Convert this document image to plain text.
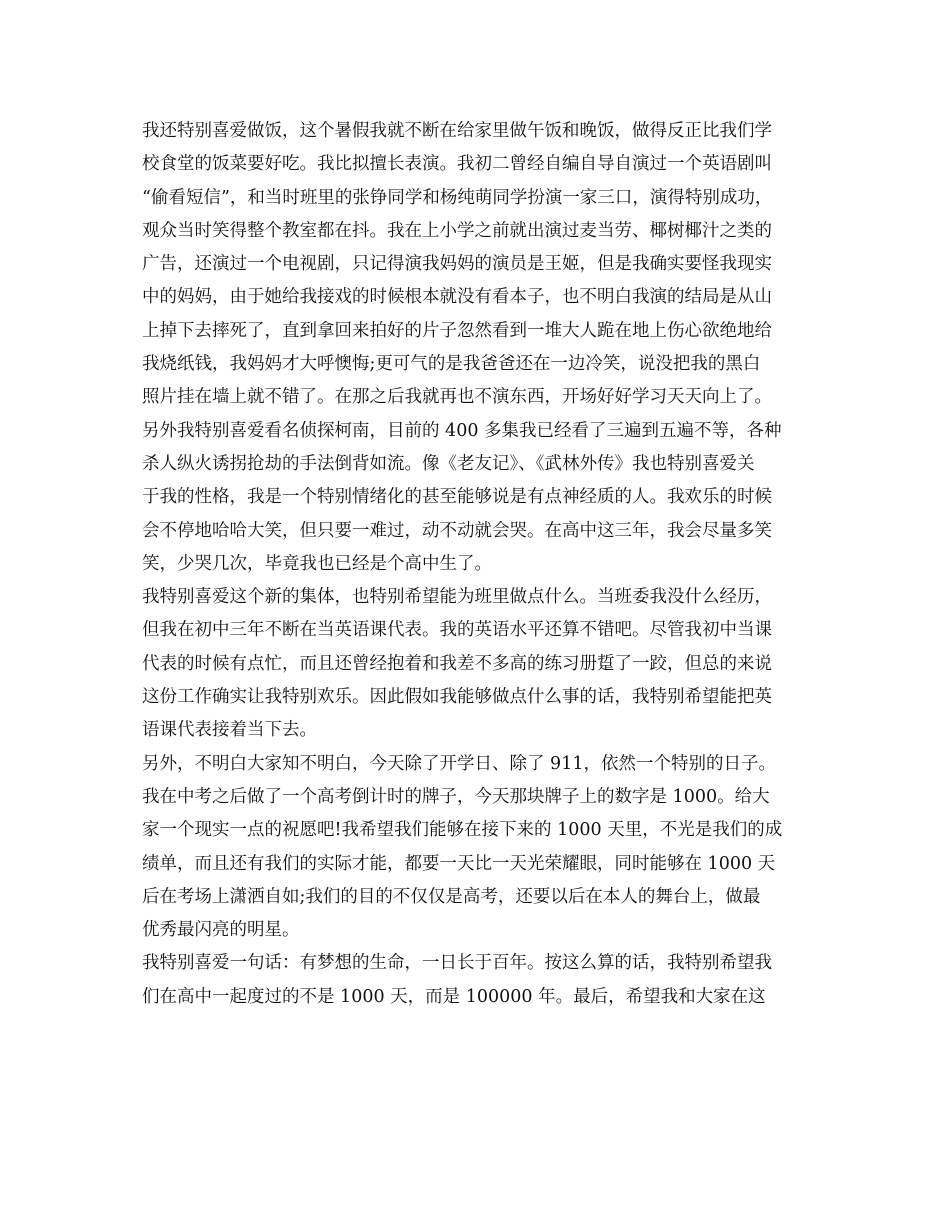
我还特别喜爱做饭，这个暑假我就不断在给家里做午饭和晚饭，做得反正比我们学
校食堂的饭菜要好吃。我比拟擅长表演。我初二曾经自编自导自演过一个英语剧叫
“偷看短信”，和当时班里的张铮同学和杨纯萌同学扮演一家三口，演得特别成功，
观众当时笑得整个教室都在抖。我在上小学之前就出演过麦当劳、椰树椰汁之类的
广告，还演过一个电视剧，只记得演我妈妈的演员是王姬，但是我确实要怪我现实
中的妈妈，由于她给我接戏的时候根本就没有看本子，也不明白我演的结局是从山
上掉下去摔死了，直到拿回来拍好的片子忽然看到一堆大人跪在地上伤心欲绝地给
我烧纸钱，我妈妈才大呼懊悔;更可气的是我爸爸还在一边冷笑，说没把我的黑白
照片挂在墙上就不错了。在那之后我就再也不演东西，开场好好学习天天向上了。
另外我特别喜爱看名侦探柯南，目前的 400 多集我已经看了三遍到五遍不等，各种
杀人纵火诱拐抢劫的手法倒背如流。像《老友记》、《武林外传》我也特别喜爱关
于我的性格，我是一个特别情绪化的甚至能够说是有点神经质的人。我欢乐的时候
会不停地哈哈大笑，但只要一难过，动不动就会哭。在高中这三年，我会尽量多笑
笑，少哭几次，毕竟我也已经是个高中生了。
我特别喜爱这个新的集体，也特别希望能为班里做点什么。当班委我没什么经历，
但我在初中三年不断在当英语课代表。我的英语水平还算不错吧。尽管我初中当课
代表的时候有点忙，而且还曾经抱着和我差不多高的练习册踅了一跤，但总的来说
这份工作确实让我特别欢乐。因此假如我能够做点什么事的话，我特别希望能把英
语课代表接着当下去。
另外，不明白大家知不明白，今天除了开学日、除了 911，依然一个特别的日子。
我在中考之后做了一个高考倒计时的牌子，今天那块牌子上的数字是 1000。给大
家一个现实一点的祝愿吧!我希望我们能够在接下来的 1000 天里，不光是我们的成
绩单，而且还有我们的实际才能，都要一天比一天光荣耀眼，同时能够在 1000 天
后在考场上潇洒自如;我们的目的不仅仅是高考，还要以后在本人的舞台上，做最
优秀最闪亮的明星。
我特别喜爱一句话：有梦想的生命，一日长于百年。按这么算的话，我特别希望我
们在高中一起度过的不是 1000 天，而是 100000 年。最后，希望我和大家在这
